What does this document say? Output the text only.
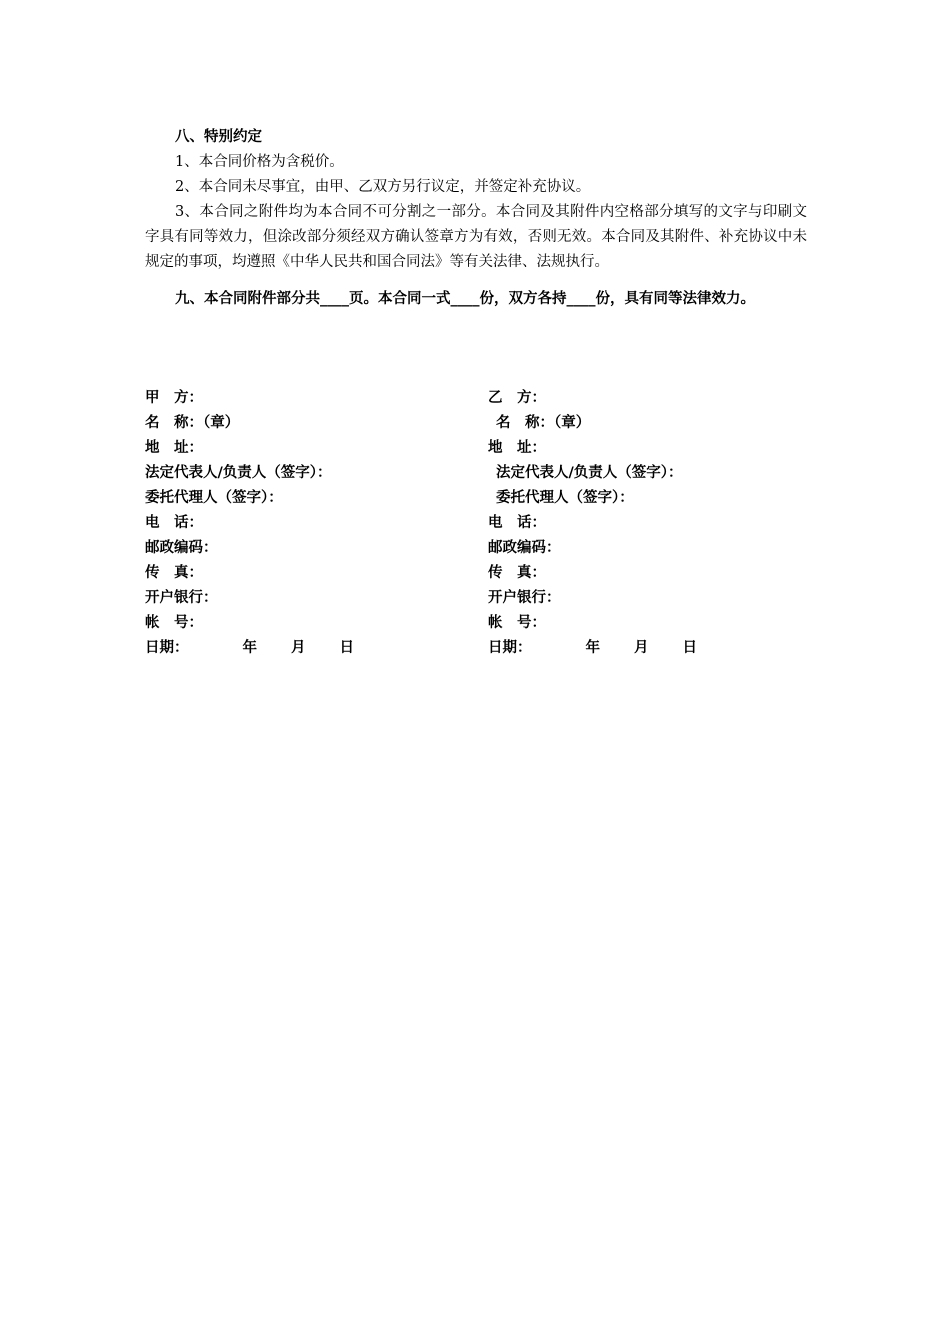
八、特别约定

1、本合同价格为含税价。

2、本合同未尽事宜，由甲、乙双方另行议定，并签定补充协议。

3、本合同之附件均为本合同不可分割之一部分。本合同及其附件内空格部分填写的文字与印刷文字具有同等效力，但涂改部分须经双方确认签章方为有效，否则无效。本合同及其附件、补充协议中未规定的事项，均遵照《中华人民共和国合同法》等有关法律、法规执行。

九、本合同附件部分共____页。本合同一式____份，双方各持____份，具有同等法律效力。

甲　方：
名　称：（章）
地　址：
法定代表人/负责人（签字）：
委托代理人（签字）：
电　话：
邮政编码：
传　真：
开户银行：
帐　号：
日期：	年 月 日
乙　方：
名　称：（章）
地　址：
法定代表人/负责人（签字）：
委托代理人（签字）：
电　话：
邮政编码：
传　真：
开户银行：
帐　号：
日期：	年 月 日
